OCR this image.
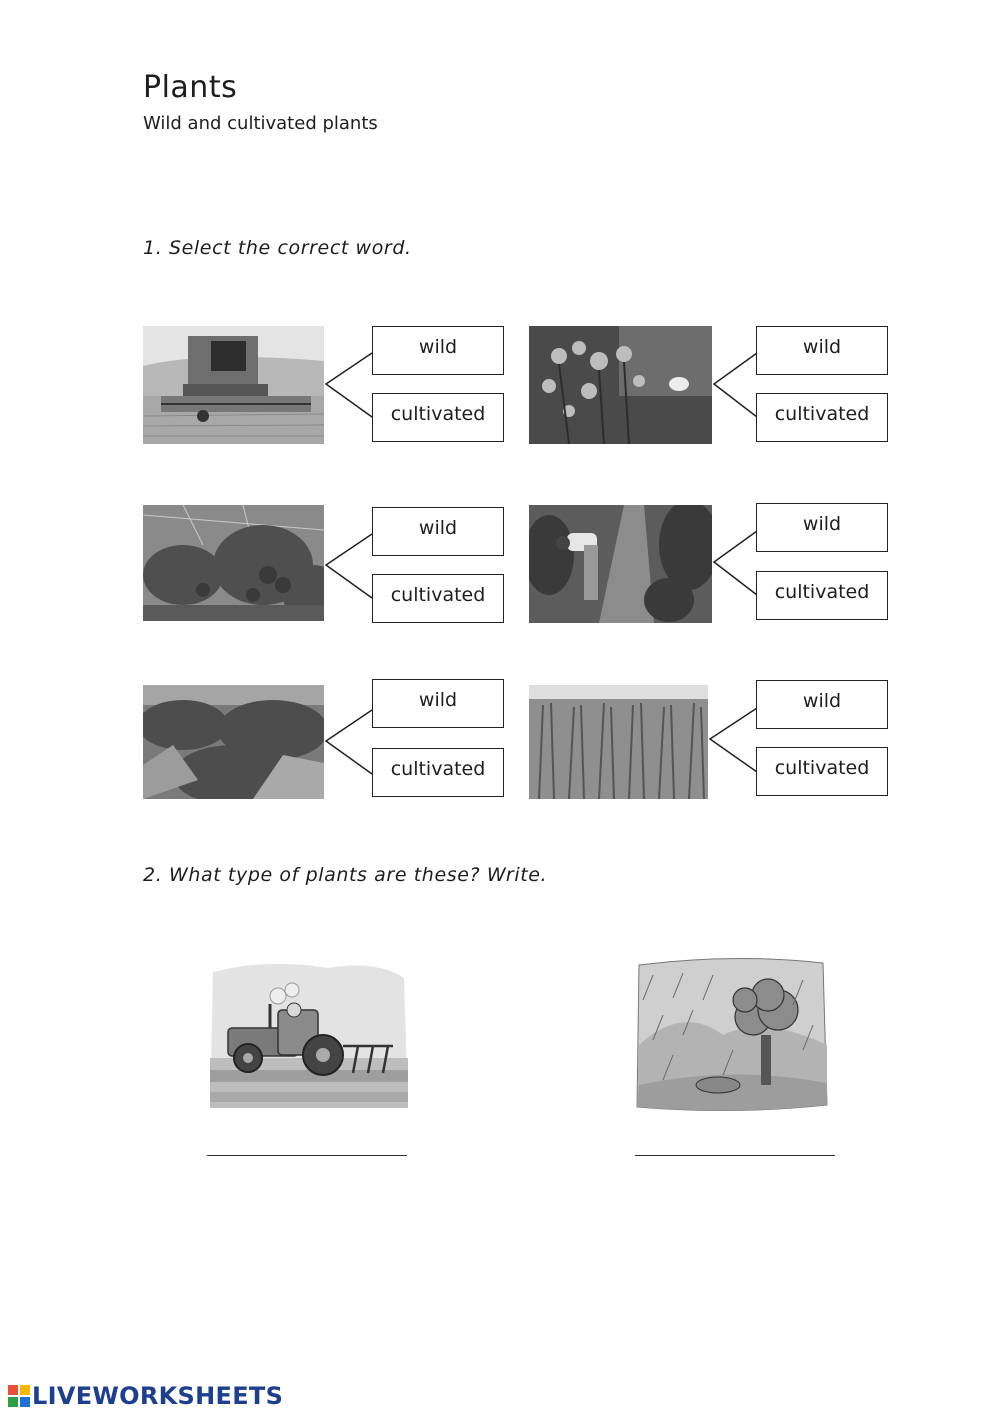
Plants
Wild and cultivated plants
1. Select the correct word.
wild
cultivated
wild
cultivated
wild
cultivated
wild
cultivated
wild
cultivated
wild
cultivated
2. What type of plants are these? Write.
LIVEWORKSHEETS
